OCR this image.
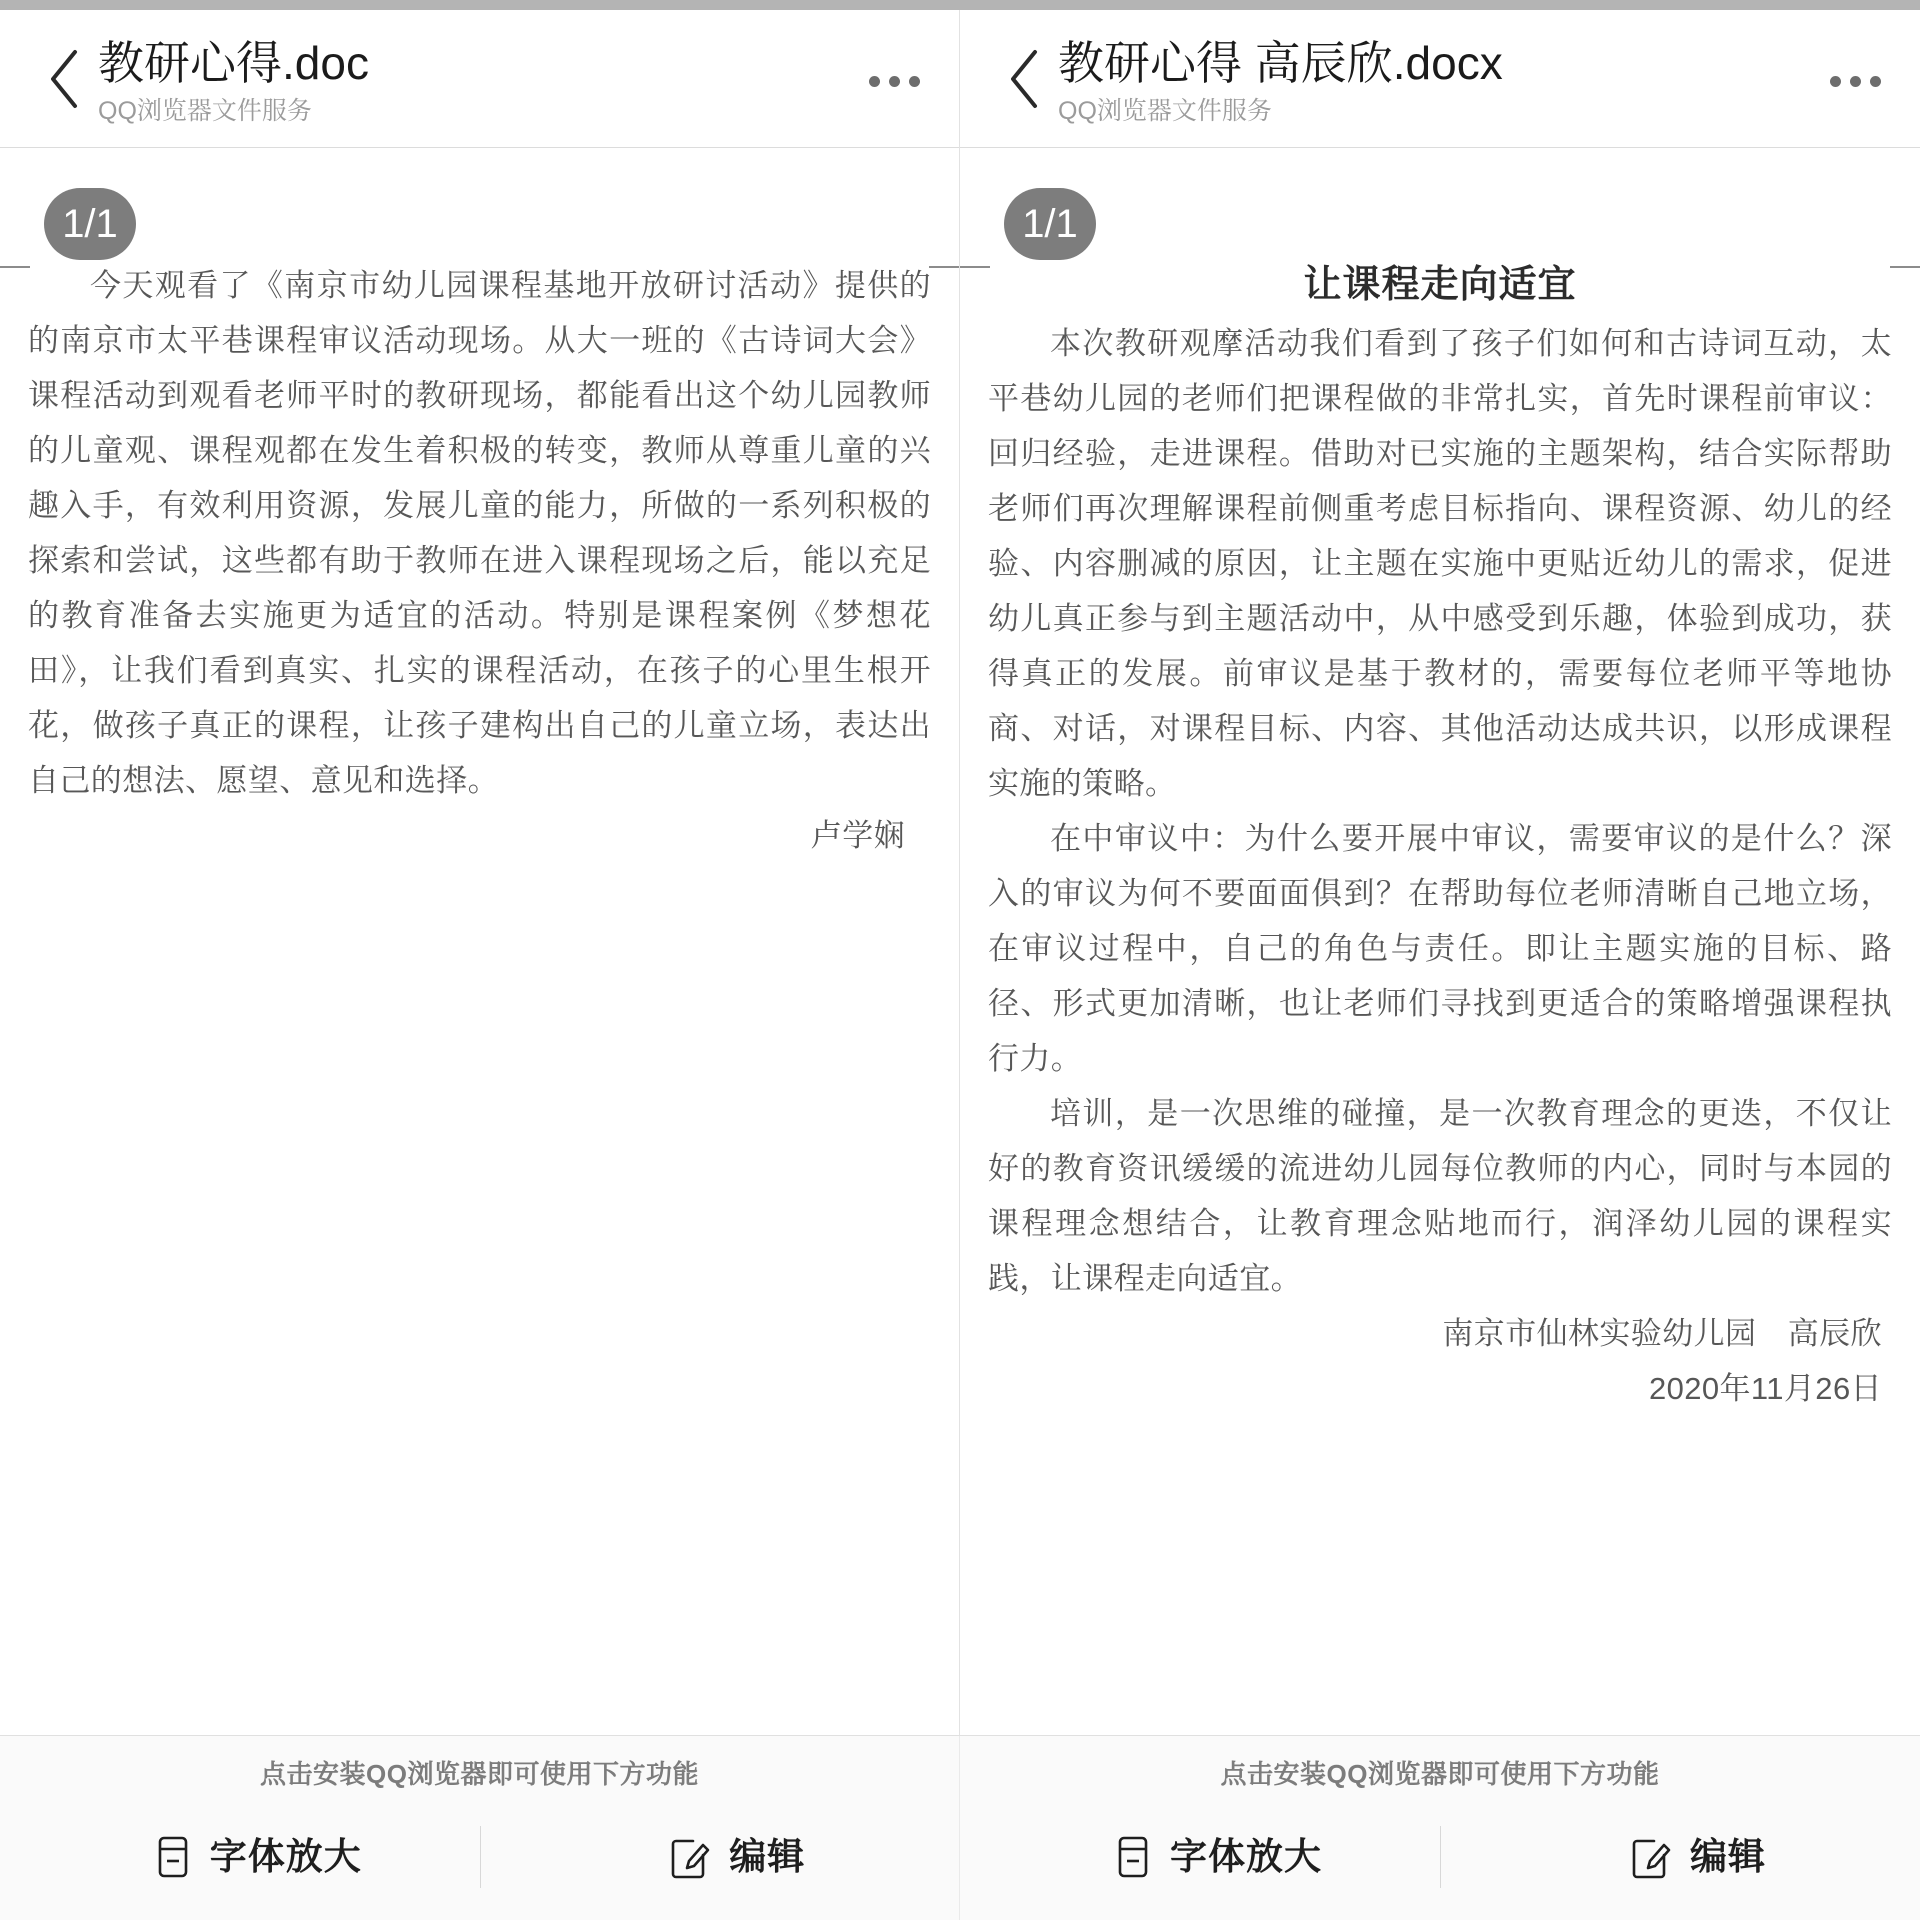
教研心得.doc
QQ浏览器文件服务
1/1
今天观看了《南京市幼儿园课程基地开放研讨活动》提供的的南京市太平巷课程审议活动现场。从大一班的《古诗词大会》课程活动到观看老师平时的教研现场，都能看出这个幼儿园教师的儿童观、课程观都在发生着积极的转变，教师从尊重儿童的兴趣入手，有效利用资源，发展儿童的能力，所做的一系列积极的探索和尝试，这些都有助于教师在进入课程现场之后，能以充足的教育准备去实施更为适宜的活动。特别是课程案例《梦想花田》，让我们看到真实、扎实的课程活动，在孩子的心里生根开花，做孩子真正的课程，让孩子建构出自己的儿童立场，表达出自己的想法、愿望、意见和选择。
卢学娴
教研心得 高辰欣.docx
QQ浏览器文件服务
1/1
让课程走向适宜
本次教研观摩活动我们看到了孩子们如何和古诗词互动，太平巷幼儿园的老师们把课程做的非常扎实，首先时课程前审议：回归经验，走进课程。借助对已实施的主题架构，结合实际帮助老师们再次理解课程前侧重考虑目标指向、课程资源、幼儿的经验、内容删减的原因，让主题在实施中更贴近幼儿的需求，促进幼儿真正参与到主题活动中，从中感受到乐趣，体验到成功，获得真正的发展。前审议是基于教材的，需要每位老师平等地协商、对话，对课程目标、内容、其他活动达成共识，以形成课程实施的策略。
在中审议中：为什么要开展中审议，需要审议的是什么？深入的审议为何不要面面俱到？在帮助每位老师清晰自己地立场，在审议过程中，自己的角色与责任。即让主题实施的目标、路径、形式更加清晰，也让老师们寻找到更适合的策略增强课程执行力。
培训，是一次思维的碰撞，是一次教育理念的更迭，不仅让好的教育资讯缓缓的流进幼儿园每位教师的内心，同时与本园的课程理念想结合，让教育理念贴地而行，润泽幼儿园的课程实践，让课程走向适宜。
南京市仙林实验幼儿园　高辰欣
2020年11月26日
点击安装QQ浏览器即可使用下方功能
字体放大	编辑
点击安装QQ浏览器即可使用下方功能
字体放大	编辑
